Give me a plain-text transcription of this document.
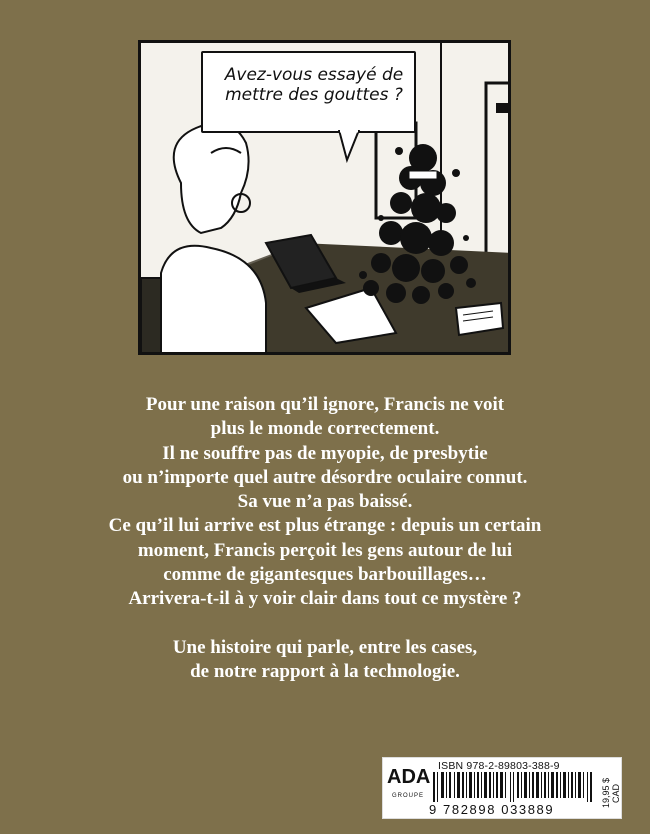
Avez-vous essayé de mettre des gouttes ?

Pour une raison qu’il ignore, Francis ne voit

plus le monde correctement.

Il ne souffre pas de myopie, de presbytie

ou n’importe quel autre désordre oculaire connut.

Sa vue n’a pas baissé.

Ce qu’il lui arrive est plus étrange : depuis un certain

moment, Francis perçoit les gens autour de lui

comme de gigantesques barbouillages…

Arrivera-t-il à y voir clair dans tout ce mystère ?

Une histoire qui parle, entre les cases,

de notre rapport à la technologie.

ADA
GROUPE
ISBN 978-2-89803-388-9
9 782898 033889
19,95 $ CAD
